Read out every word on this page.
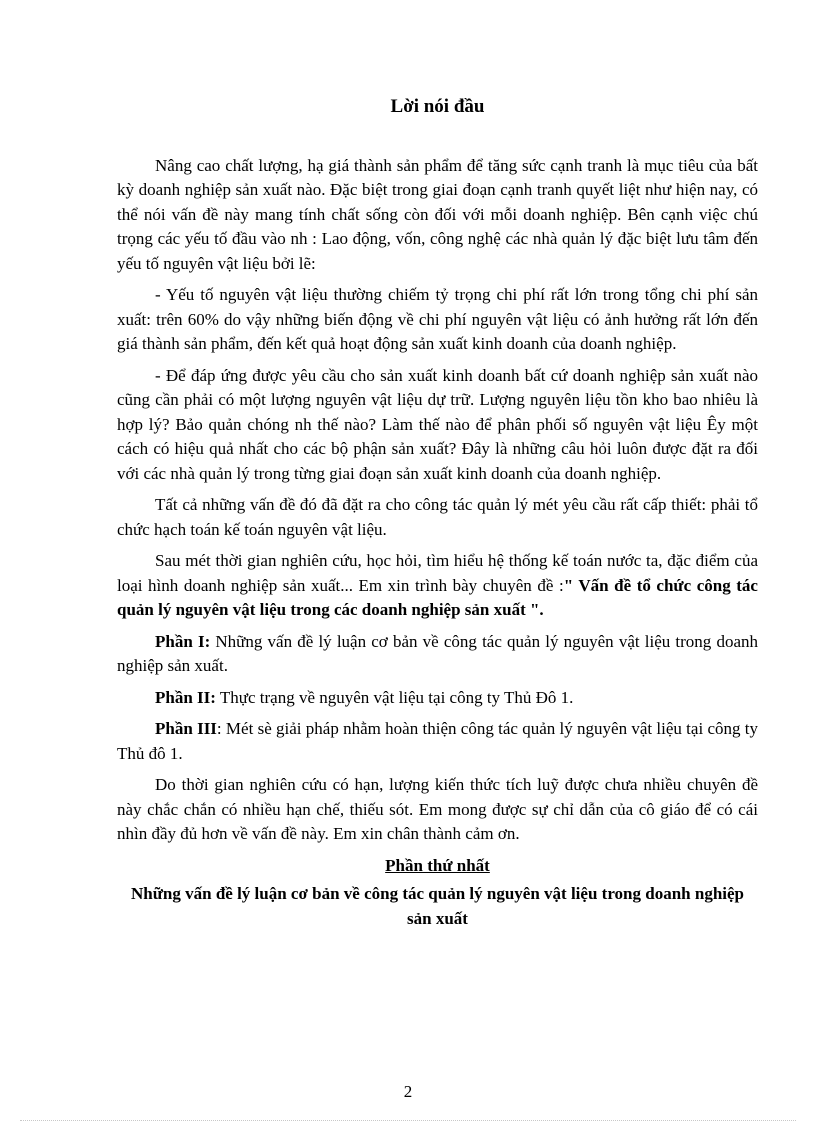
Lời nói đầu

Nâng cao chất lượng, hạ giá thành sản phẩm để tăng sức cạnh tranh là mục tiêu của bất kỳ doanh nghiệp sản xuất nào. Đặc biệt trong giai đoạn cạnh tranh quyết liệt như hiện nay, có thể nói vấn đề này mang tính chất sống còn đối với mỗi doanh nghiệp. Bên cạnh việc chú trọng các yếu tố đầu vào nh : Lao động, vốn, công nghệ các nhà quản lý đặc biệt lưu tâm đến yếu tố nguyên vật liệu bởi lẽ:

- Yếu tố nguyên vật liệu thường chiếm tỷ trọng chi phí rất lớn trong tổng chi phí sản xuất: trên 60% do vậy những biến động về chi phí nguyên vật liệu có ảnh hưởng rất lớn đến giá thành sản phẩm, đến kết quả hoạt động sản xuất kinh doanh của doanh nghiệp.

- Để đáp ứng được yêu cầu cho sản xuất kinh doanh bất cứ doanh nghiệp sản xuất nào cũng cần phải có một lượng nguyên vật liệu dự trữ. Lượng nguyên liệu tồn kho bao nhiêu là hợp lý? Bảo quản chóng nh thế nào? Làm thế nào để phân phối số nguyên vật liệu Êy một cách có hiệu quả nhất cho các bộ phận sản xuất? Đây là những câu hỏi luôn được đặt ra đối với các nhà quản lý trong từng giai đoạn sản xuất kinh doanh của doanh nghiệp.

Tất cả những vấn đề đó đã đặt ra cho công tác quản lý mét yêu cầu rất cấp thiết: phải tổ chức hạch toán kế toán nguyên vật liệu.

Sau mét thời gian nghiên cứu, học hỏi, tìm hiểu hệ thống kế toán nước ta, đặc điểm của loại hình doanh nghiệp sản xuất... Em xin trình bày chuyên đề :" Vấn đề tổ chức công tác quản lý nguyên vật liệu trong các doanh nghiệp sản xuất ".

Phần I: Những vấn đề lý luận cơ bản về công tác quản lý nguyên vật liệu trong doanh nghiệp sản xuất.

Phần II: Thực trạng về nguyên vật liệu tại công ty Thủ Đô 1.

Phần III: Mét sè giải pháp nhằm hoàn thiện công tác quản lý nguyên vật liệu tại công ty Thủ đô 1.

Do thời gian nghiên cứu có hạn, lượng kiến thức tích luỹ được chưa nhiều chuyên đề này chắc chắn có nhiều hạn chế, thiếu sót. Em mong được sự chỉ dẫn của cô giáo để có cái nhìn đầy đủ hơn về vấn đề này. Em xin chân thành cảm ơn.

Phần thứ nhất
Những vấn đề lý luận cơ bản về công tác quản lý nguyên vật liệu trong doanh nghiệp sản xuất
2
